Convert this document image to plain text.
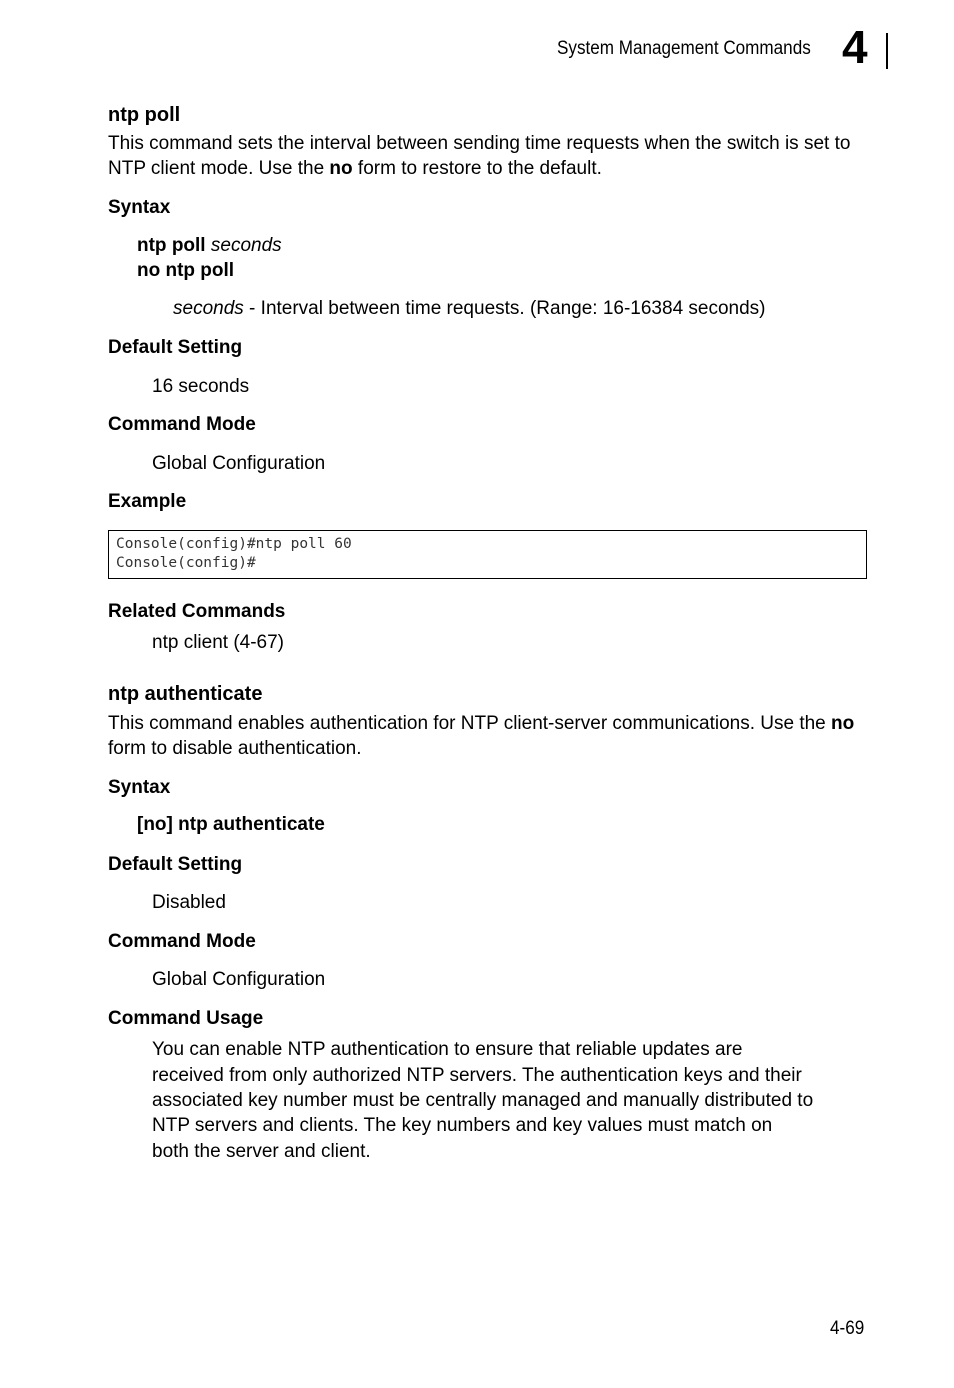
System Management Commands 4
ntp poll
This command sets the interval between sending time requests when the switch is set to NTP client mode. Use the no form to restore to the default.
Syntax
ntp poll seconds
no ntp poll
seconds - Interval between time requests. (Range: 16-16384 seconds)
Default Setting
16 seconds
Command Mode
Global Configuration
Example
Console(config)#ntp poll 60
Console(config)#
Related Commands
ntp client (4-67)
ntp authenticate
This command enables authentication for NTP client-server communications. Use the no form to disable authentication.
Syntax
[no] ntp authenticate
Default Setting
Disabled
Command Mode
Global Configuration
Command Usage
You can enable NTP authentication to ensure that reliable updates are
received from only authorized NTP servers. The authentication keys and their
associated key number must be centrally managed and manually distributed to
NTP servers and clients. The key numbers and key values must match on
both the server and client.
4-69
